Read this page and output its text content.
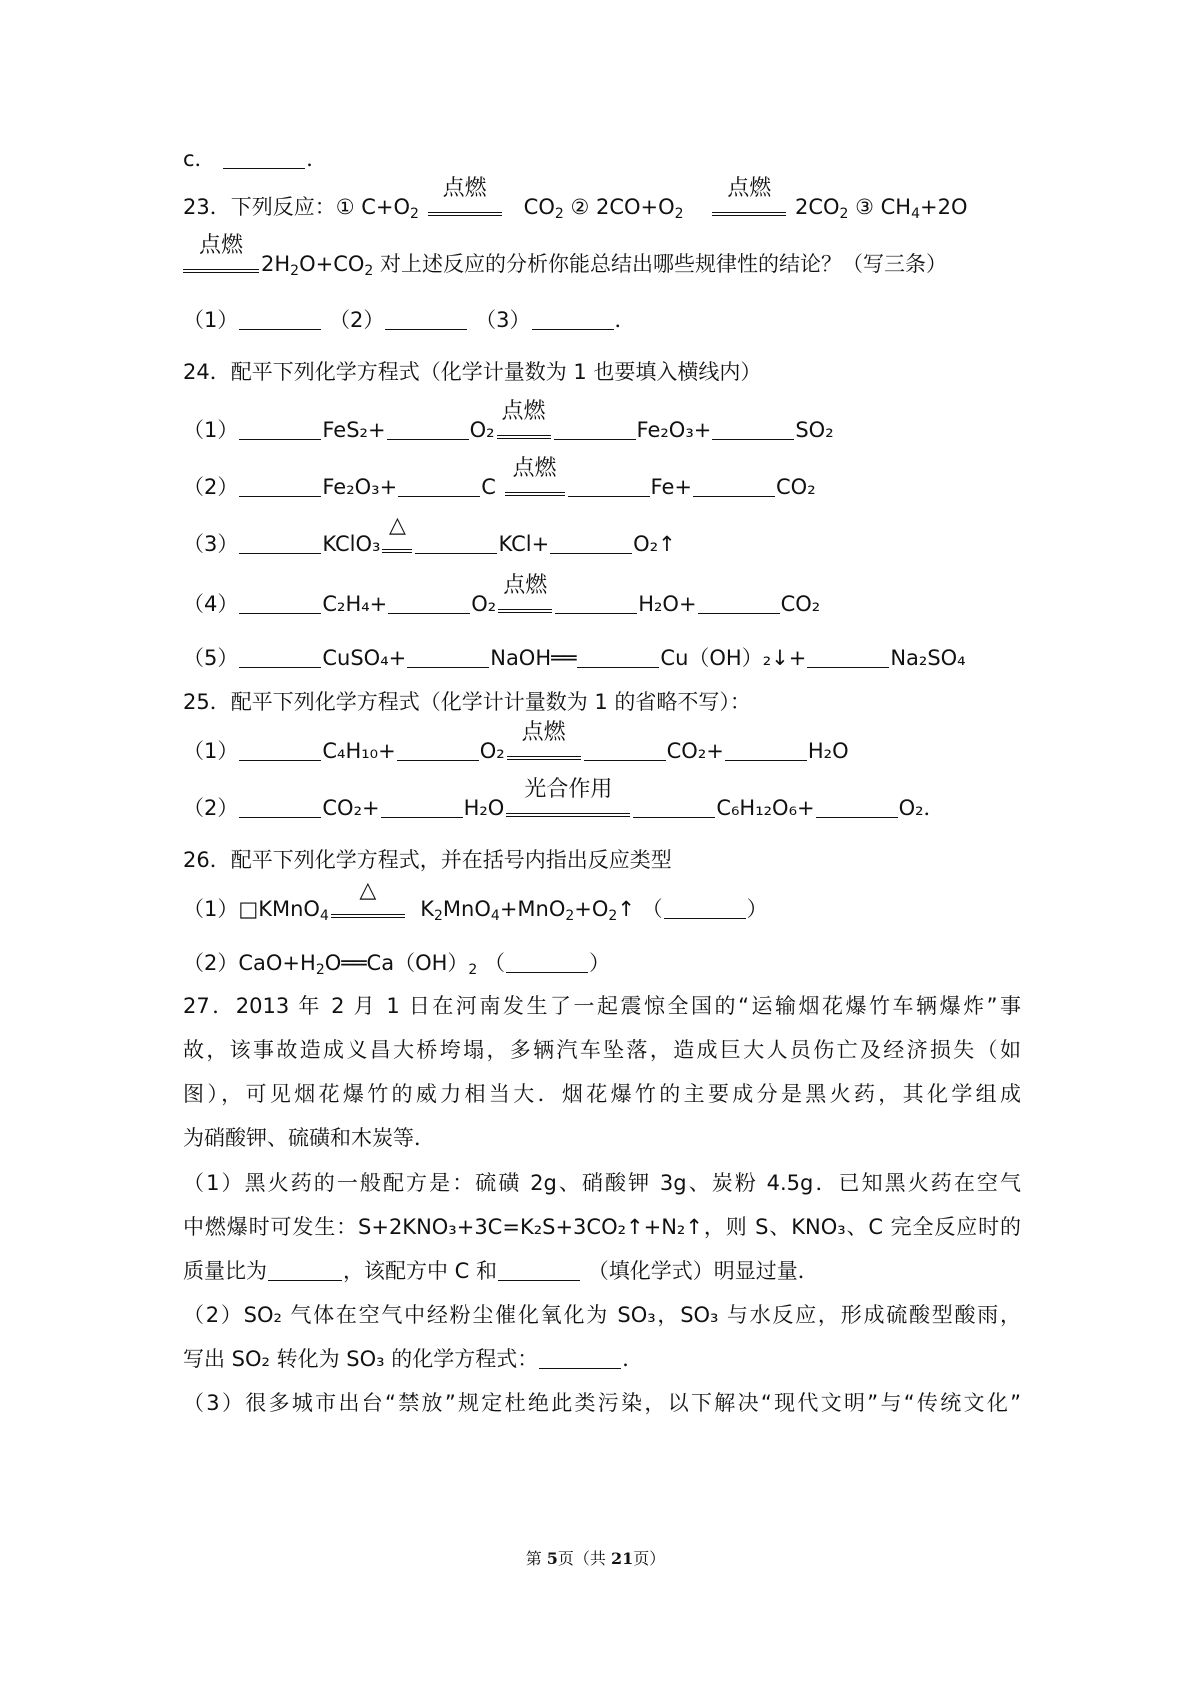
c．	．
23．下列反应：① $C+O_2$
点燃
$CO_2$ ② $2CO+O_2$
点燃
$2CO_2$ ③ $CH_4+2O$
点燃
$2H_2O+CO_2$ 对上述反应的分析你能总结出哪些规律性的结论？（写三条）
（1）	（2）	（3）	．
24．配平下列化学方程式（化学计量数为 1 也要填入横线内）
（1）	FeS₂+	O₂
点燃
Fe₂O₃+	SO₂
（2）	Fe₂O₃+	C
点燃
Fe+	CO₂
（3）	KClO₃
△
KCl+	O₂↑
（4）	C₂H₄+	O₂
点燃
H₂O+	CO₂
（5）	CuSO₄+	NaOH══	Cu（OH）₂↓+	Na₂SO₄
25．配平下列化学方程式（化学计计量数为 1 的省略不写）：
（1）	C₄H₁₀+	O₂
点燃
CO₂+	H₂O
（2）	CO₂+	H₂O
光合作用
C₆H₁₂O₆+	O₂．
26．配平下列化学方程式，并在括号内指出反应类型
（1）□KMnO$_4$
△
$K_2MnO_4+MnO_2+O_2↑$ （	）
$(2)CaO+H_2O══Ca(OH)_2$ （	）
27．2013 年 2 月 1 日在河南发生了一起震惊全国的“运输烟花爆竹车辆爆炸”事
故，该事故造成义昌大桥垮塌，多辆汽车坠落，造成巨大人员伤亡及经济损失（如
图），可见烟花爆竹的威力相当大．烟花爆竹的主要成分是黑火药，其化学组成
为硝酸钾、硫磺和木炭等．
（1）黑火药的一般配方是：硫磺 2g、硝酸钾 3g、炭粉 4.5g．已知黑火药在空气
中燃爆时可发生：S+2KNO₃+3C=K₂S+3CO₂↑+N₂↑，则 S、KNO₃、C 完全反应时的
质量比为	，该配方中 C 和	（填化学式）明显过量．
（2）SO₂ 气体在空气中经粉尘催化氧化为 SO₃，SO₃ 与水反应，形成硫酸型酸雨，
写出 SO₂ 转化为 SO₃ 的化学方程式：	．
（3）很多城市出台“禁放”规定杜绝此类污染，以下解决“现代文明”与“传统文化”
第 5页（共 21页）
